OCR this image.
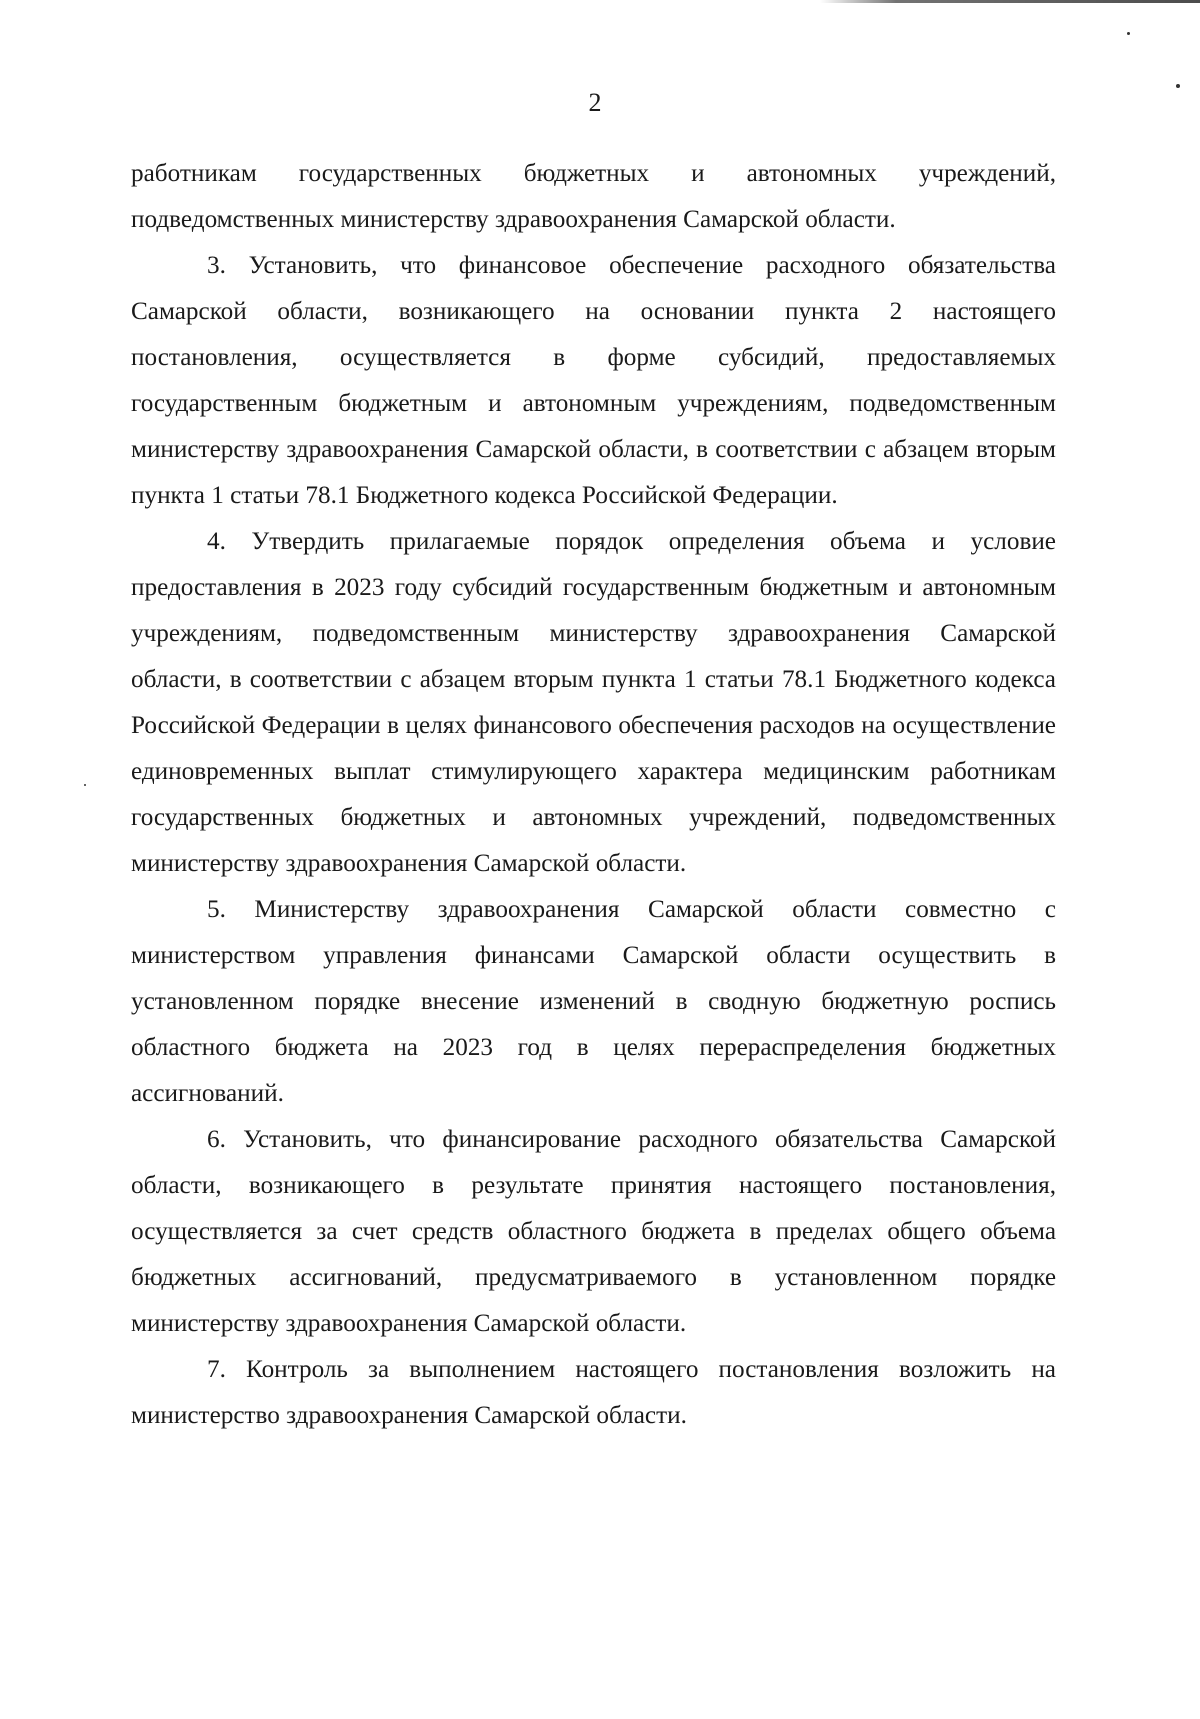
2

работникам государственных бюджетных и автономных учреждений, подведомственных министерству здравоохранения Самарской области.

3. Установить, что финансовое обеспечение расходного обязательства Самарской области, возникающего на основании пункта 2 настоящего постановления, осуществляется в форме субсидий, предоставляемых государственным бюджетным и автономным учреждениям, подведомственным министерству здравоохранения Самарской области, в соответствии с абзацем вторым пункта 1 статьи 78.1 Бюджетного кодекса Российской Федерации.

4. Утвердить прилагаемые порядок определения объема и условие предоставления в 2023 году субсидий государственным бюджетным и автономным учреждениям, подведомственным министерству здравоохранения Самарской области, в соответствии с абзацем вторым пункта 1 статьи 78.1 Бюджетного кодекса Российской Федерации в целях финансового обеспечения расходов на осуществление единовременных выплат стимулирующего характера медицинским работникам государственных бюджетных и автономных учреждений, подведомственных министерству здравоохранения Самарской области.

5. Министерству здравоохранения Самарской области совместно с министерством управления финансами Самарской области осуществить в установленном порядке внесение изменений в сводную бюджетную роспись областного бюджета на 2023 год в целях перераспределения бюджетных ассигнований.

6. Установить, что финансирование расходного обязательства Самарской области, возникающего в результате принятия настоящего постановления, осуществляется за счет средств областного бюджета в пределах общего объема бюджетных ассигнований, предусматриваемого в установленном порядке министерству здравоохранения Самарской области.

7. Контроль за выполнением настоящего постановления возложить на министерство здравоохранения Самарской области.
